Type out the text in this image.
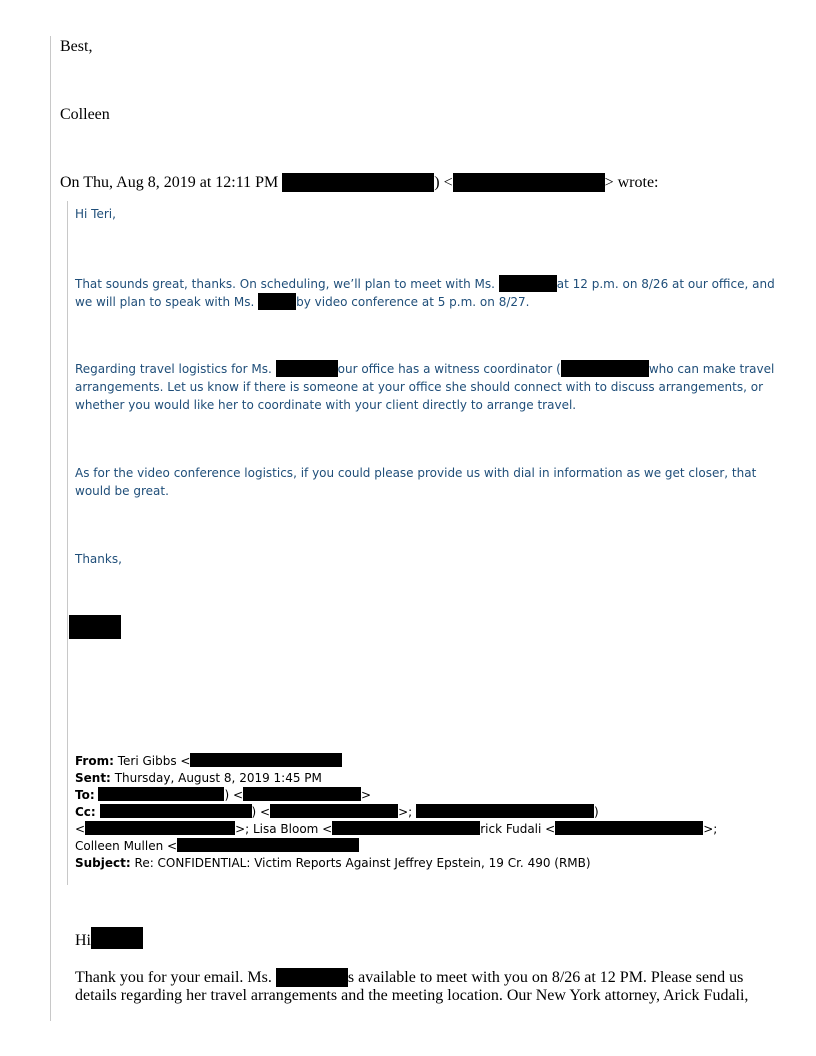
Best,
Colleen
On Thu, Aug 8, 2019 at 12:11 PM	) <	> wrote:
Hi Teri,
That sounds great, thanks. On scheduling, we’ll plan to meet with Ms.	at 12 p.m. on 8/26 at our office, and
we will plan to speak with Ms.	by video conference at 5 p.m. on 8/27.
Regarding travel logistics for Ms.	our office has a witness coordinator (	who can make travel
arrangements. Let us know if there is someone at your office she should connect with to discuss arrangements, or
whether you would like her to coordinate with your client directly to arrange travel.
As for the video conference logistics, if you could please provide us with dial in information as we get closer, that
would be great.
Thanks,
From: Teri Gibbs <
Sent: Thursday, August 8, 2019 1:45 PM
To:	) <	>
Cc:	) <	>;	)
<	>; Lisa Bloom <	rick Fudali <	>;
Colleen Mullen <
Subject: Re: CONFIDENTIAL: Victim Reports Against Jeffrey Epstein, 19 Cr. 490 (RMB)
Hi
Thank you for your email. Ms.	s available to meet with you on 8/26 at 12 PM. Please send us
details regarding her travel arrangements and the meeting location. Our New York attorney, Arick Fudali,
